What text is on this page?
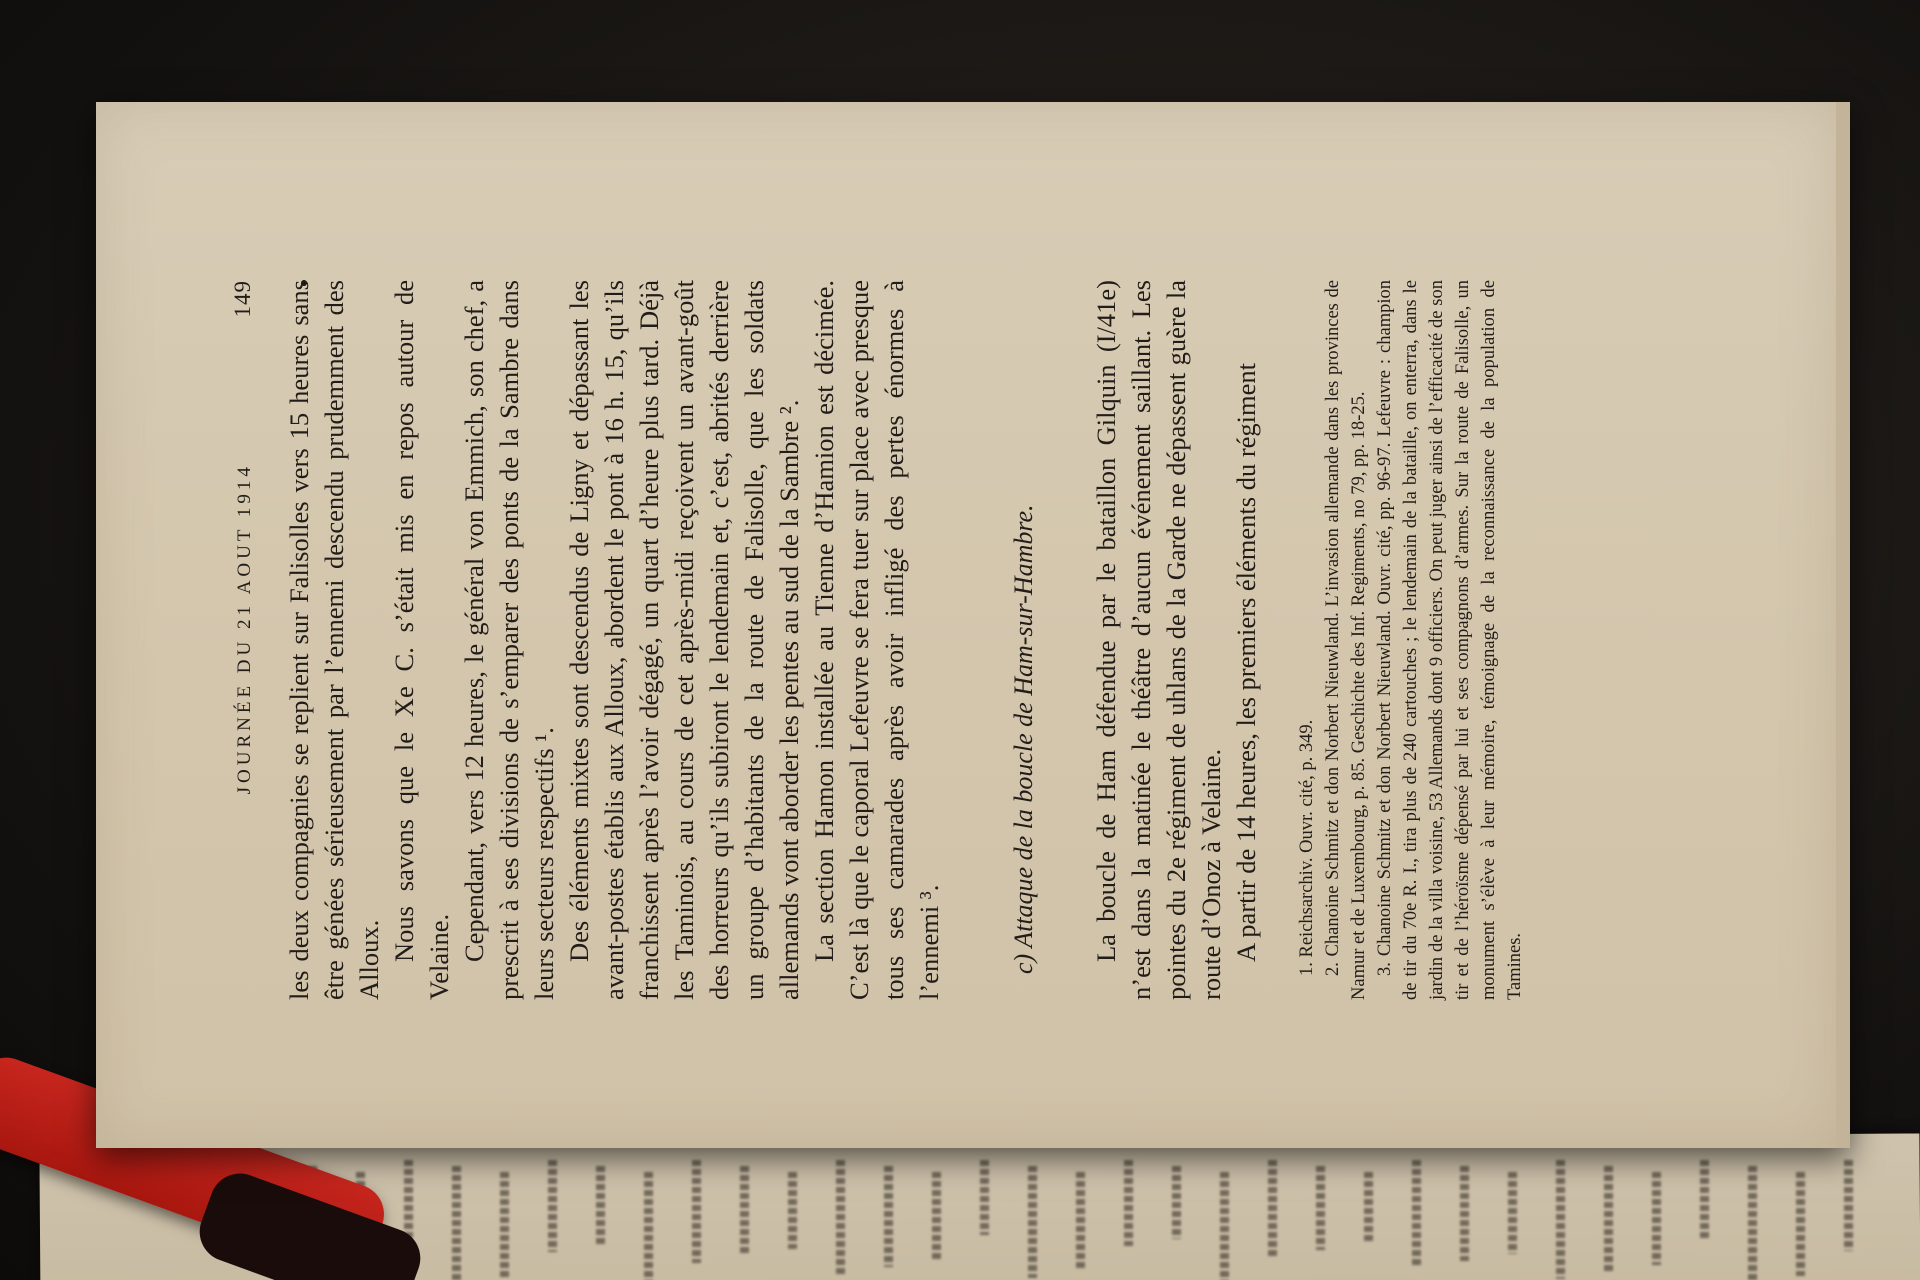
JOURNÉE DU 21 AOUT 1914
149 les deux compagnies se replient sur Falisolles vers 15 heures sans être génées sérieusement par l’ennemi descendu prudemment des Alloux. Nous savons que le Xe C. s’était mis en repos autour de Velaine. Cependant, vers 12 heures, le général von Emmich, son chef, a prescrit à ses divisions de s’emparer des ponts de la Sambre dans leurs secteurs respectifs ¹. Des éléments mixtes sont descendus de Ligny et dépassant les avant-postes établis aux Alloux, abordent le pont à 16 h. 15, qu’ils franchissent après l’avoir dégagé, un quart d’heure plus tard. Déjà les Taminois, au cours de cet après-midi reçoivent un avant-goût des horreurs qu’ils subiront le lendemain et, c’est, abrités derrière un groupe d’habitants de la route de Falisolle, que les soldats allemands vont aborder les pentes au sud de la Sambre ². La section Hamon installée au Tienne d’Hamion est décimée. C’est là que le caporal Lefeuvre se fera tuer sur place avec presque tous ses camarades après avoir infligé des pertes énormes à l’ennemi ³.	c) Attaque de la boucle de Ham-sur-Hambre. La boucle de Ham défendue par le bataillon Gilquin (I/41e) n’est dans la matinée le théâtre d’aucun événement saillant. Les pointes du 2e régiment de uhlans de la Garde ne dépassent guère la route d’Onoz à Velaine. A partir de 14 heures, les premiers éléments du régiment 1. Reichsarchiv. Ouvr. cité, p. 349. 2. Chanoine Schmitz et don Norbert Nieuwland. L’invasion allemande dans les provinces de Namur et de Luxembourg, p. 85. Geschichte des Inf. Regiments, no 79, pp. 18-25. 3. Chanoine Schmitz et don Norbert Nieuwland. Ouvr. cité, pp. 96-97. Lefeuvre : champion de tir du 70e R. I., tira plus de 240 cartouches ; le lendemain de la bataille, on enterra, dans le jardin de la villa voisine, 53 Allemands dont 9 officiers. On peut juger ainsi de l’efficacité de son tir et de l’héroïsme dépensé par lui et ses compagnons d’armes. Sur la route de Falisolle, un monument s’élève à leur mémoire, témoignage de la reconnaissance de la population de Tamines.
